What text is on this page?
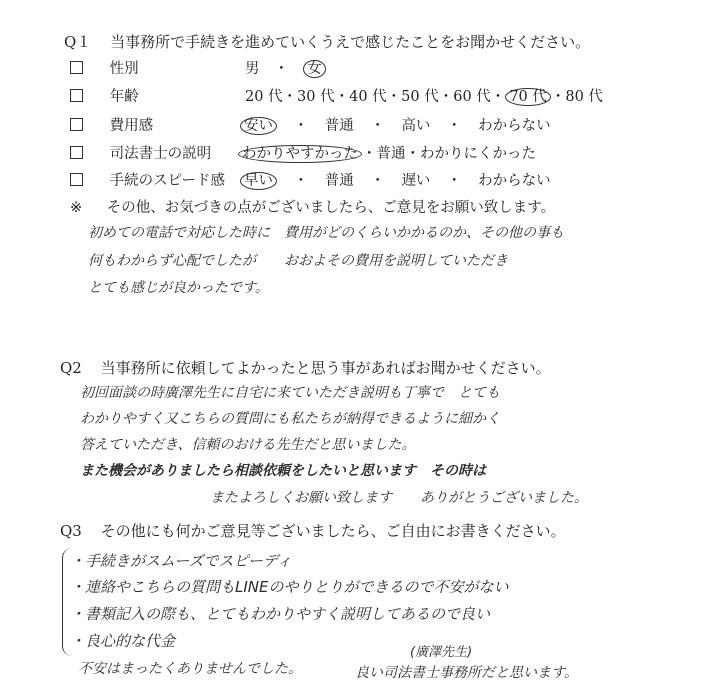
Q１ 当事務所で手続きを進めていくうえで感じたことをお聞かせください。
性別	男 ・ 女
年齢	20 代・30 代・40 代・50 代・60 代・ 70 代 ・80 代
費用感	安い ・ 普通 ・ 高い ・ わからない
司法書士の説明 わかりやすかった ・普通・わかりにくかった
手続のスピード感 早い ・ 普通 ・ 遅い ・ わからない
※ その他、お気づきの点がございましたら、ご意見をお願い致します。
初めての電話で対応した時に　費用がどのくらいかかるのか、その他の事も
何もわからず心配でしたが　　おおよその費用を説明していただき
とても感じが良かったです。
Q2 当事務所に依頼してよかったと思う事があればお聞かせください。
初回面談の時廣澤先生に自宅に来ていただき説明も丁寧で　とても
わかりやすく又こちらの質問にも私たちが納得できるように細かく
答えていただき、信頼のおける先生だと思いました。
また機会がありましたら相談依頼をしたいと思います　その時は
またよろしくお願い致します　　ありがとうございました。
Q3 その他にも何かご意見等ございましたら、ご自由にお書きください。
・手続きがスムーズでスピーディ
・連絡やこちらの質問もLINEのやりとりができるので不安がない
・書類記入の際も、とてもわかりやすく説明してあるので良い
・良心的な代金
不安はまったくありませんでした。
(廣澤先生)
良い司法書士事務所だと思います。
